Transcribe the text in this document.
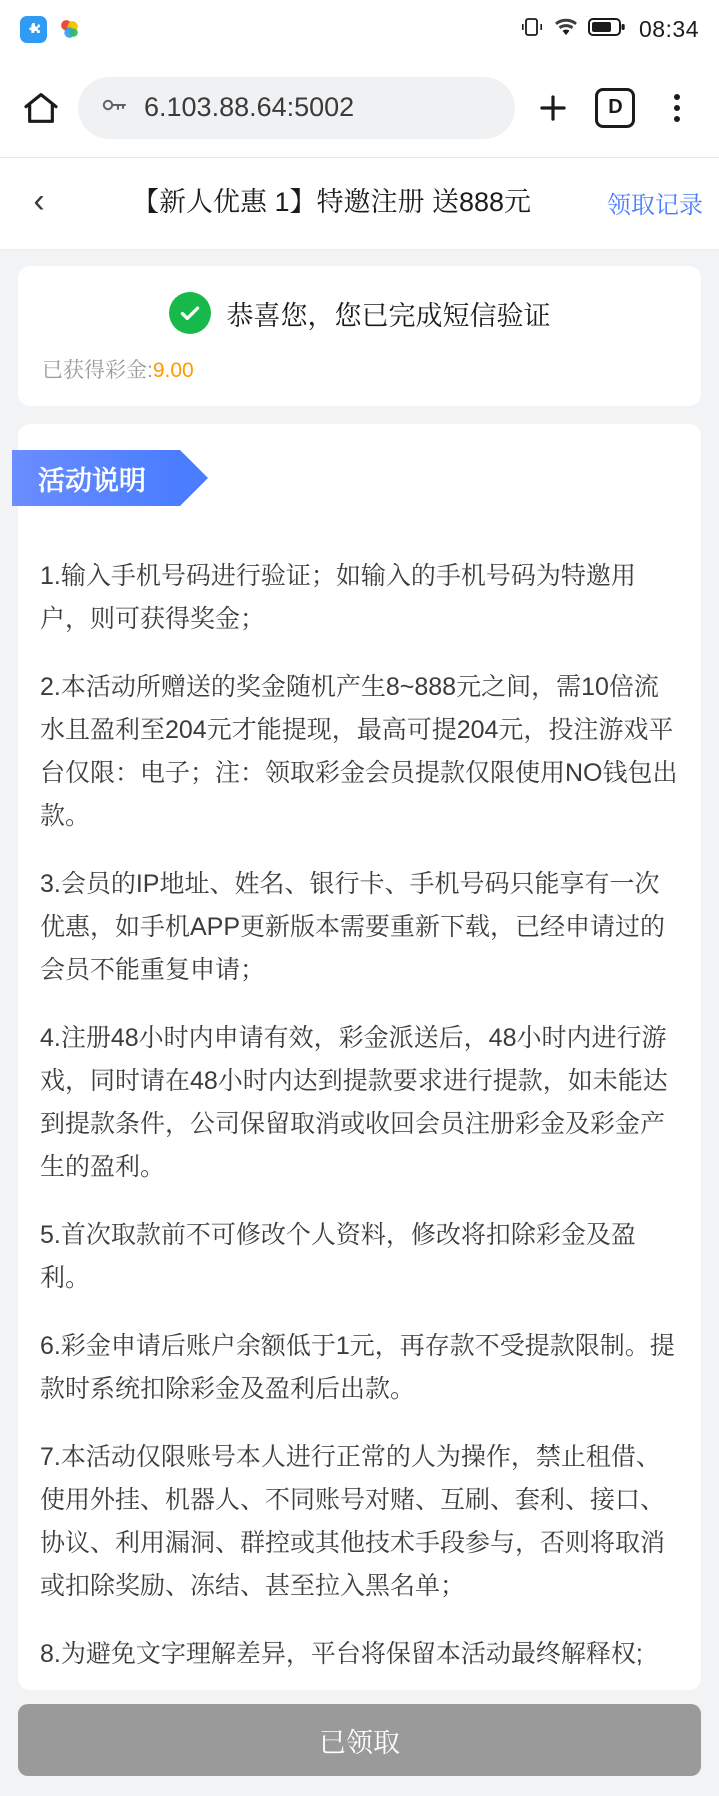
08:34
6.103.88.64:5002	D
‹	【新人优惠 1】特邀注册 送888元	领取记录
恭喜您，您已完成短信验证
已获得彩金:9.00
活动说明

1.输入手机号码进行验证；如输入的手机号码为特邀用户，则可获得奖金；

2.本活动所赠送的奖金随机产生8~888元之间，需10倍流水且盈利至204元才能提现，最高可提204元，投注游戏平台仅限：电子；注：领取彩金会员提款仅限使用NO钱包出款。

3.会员的IP地址、姓名、银行卡、手机号码只能享有一次优惠，如手机APP更新版本需要重新下载，已经申请过的会员不能重复申请；

4.注册48小时内申请有效，彩金派送后，48小时内进行游戏，同时请在48小时内达到提款要求进行提款，如未能达到提款条件，公司保留取消或收回会员注册彩金及彩金产生的盈利。

5.首次取款前不可修改个人资料，修改将扣除彩金及盈利。

6.彩金申请后账户余额低于1元，再存款不受提款限制。提款时系统扣除彩金及盈利后出款。

7.本活动仅限账号本人进行正常的人为操作，禁止租借、使用外挂、机器人、不同账号对赌、互刷、套利、接口、协议、利用漏洞、群控或其他技术手段参与，否则将取消或扣除奖励、冻结、甚至拉入黑名单；

8.为避免文字理解差异，平台将保留本活动最终解释权;

已领取
